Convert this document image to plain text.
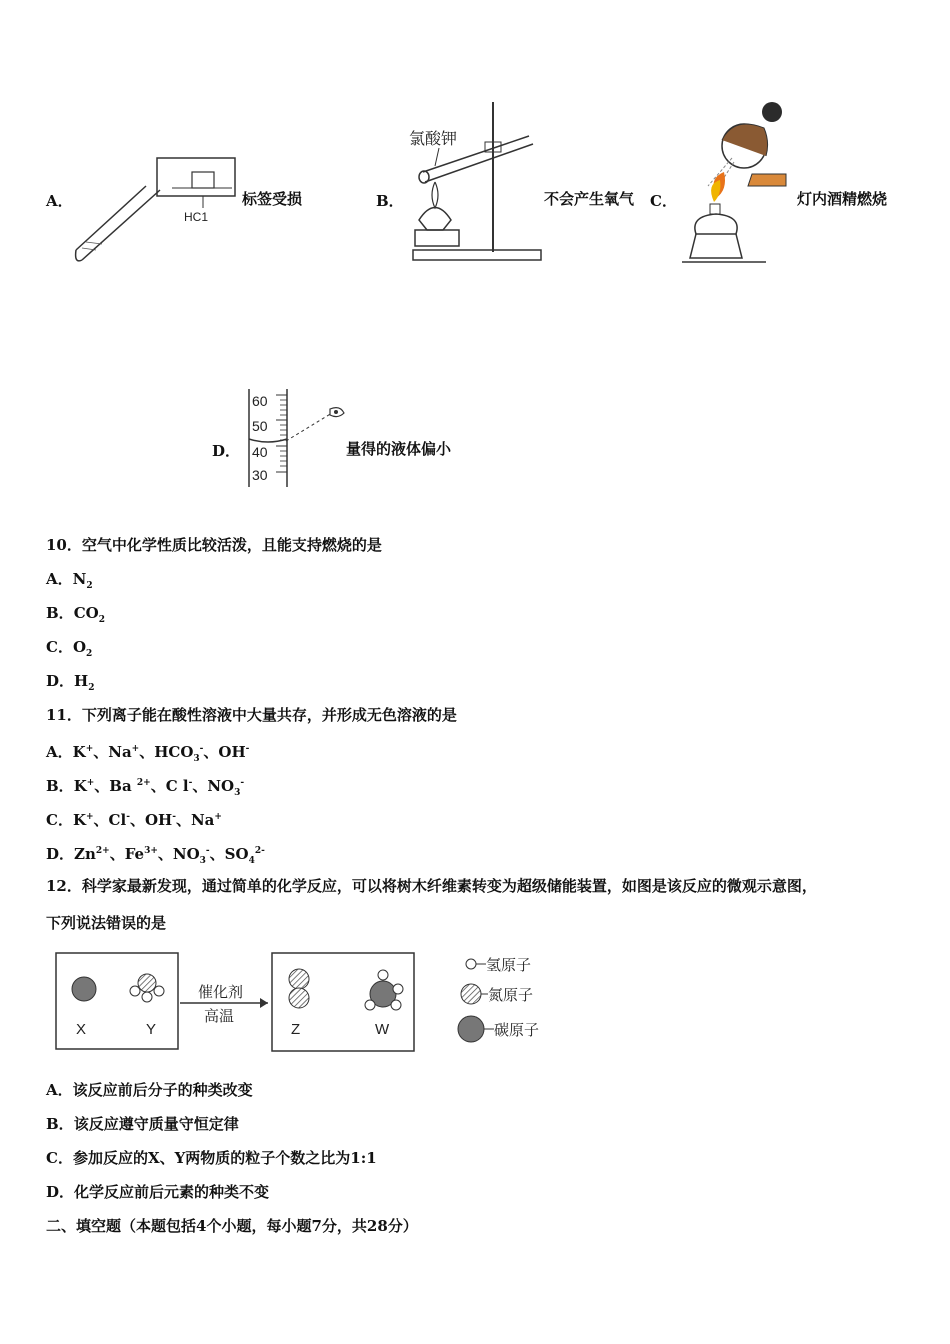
A．
HC1
标签受损	B．
氯酸钾
不会产生氧气 C．	灯内酒精燃烧
D．
60
50
40
30
量得的液体偏小
10．空气中化学性质比较活泼，且能支持燃烧的是
A．$N_2$
B．$CO_2$
C．$O_2$
D．$H_2$
11．下列离子能在酸性溶液中大量共存，并形成无色溶液的是
A．K+、Na+、$HCO_3^-$、OH-
B．K+、Ba $^{2+}$、C l-、$NO_3^-$
C．K+、Cl-、OH-、Na+
D．$Zn^{2+}$、$Fe^{3+}$、$NO_3^-$、$SO_4^{2-}$
12．科学家最新发现，通过简单的化学反应，可以将树木纤维素转变为超级储能装置，如图是该反应的微观示意图，
下列说法错误的是
X	Y
催化剂
高温
Z	W
氢原子
氮原子
碳原子
A．该反应前后分子的种类改变
B．该反应遵守质量守恒定律
C．参加反应的X、Y两物质的粒子个数之比为1:1
D．化学反应前后元素的种类不变
二、填空题（本题包括4个小题，每小题7分，共28分）
